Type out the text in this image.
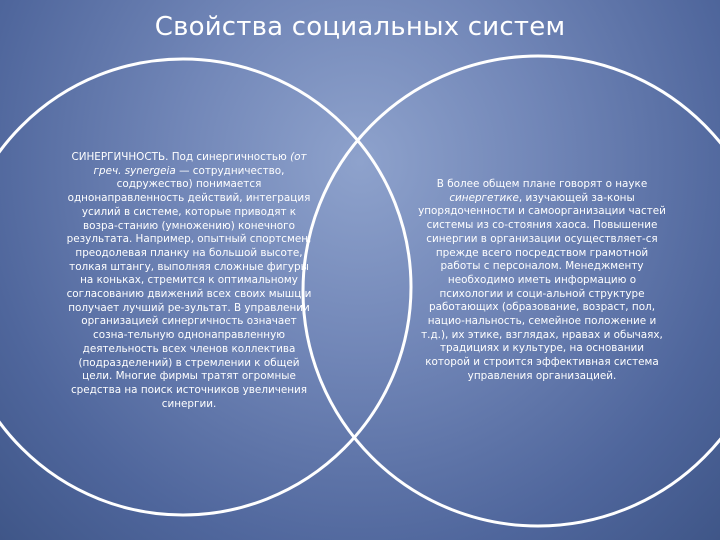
Свойства социальных систем
СИНЕРГИЧНОСТЬ. Под синергичностью (от греч. synergeia — сотрудничество, содружество) понимается однонаправленность действий, интеграция усилий в системе, которые приводят к возра-станию (умножению) конечного результата. Например, опытный спортсмен, преодолевая планку на большой высоте, толкая штангу, выполняя сложные фигуры на коньках, стремится к оптимальному согласованию движений всех своих мышц и получает лучший ре-зультат. В управлении организацией синергичность означает созна-тельную однонаправленную деятельность всех членов коллектива (подразделений) в стремлении к общей цели. Многие фирмы тратят огромные средства на поиск источников увеличения синергии.
В более общем плане говорят о науке синергетике, изучающей за-коны упорядоченности и самоорганизации частей системы из со-стояния хаоса. Повышение синергии в организации осуществляет-ся прежде всего посредством грамотной работы с персоналом. Менеджменту необходимо иметь информацию о психологии и соци-альной структуре работающих (образование, возраст, пол, нацио-нальность, семейное положение и т.д.), их этике, взглядах, нравах и обычаях, традициях и культуре, на основании которой и строится эффективная система управления организацией.
